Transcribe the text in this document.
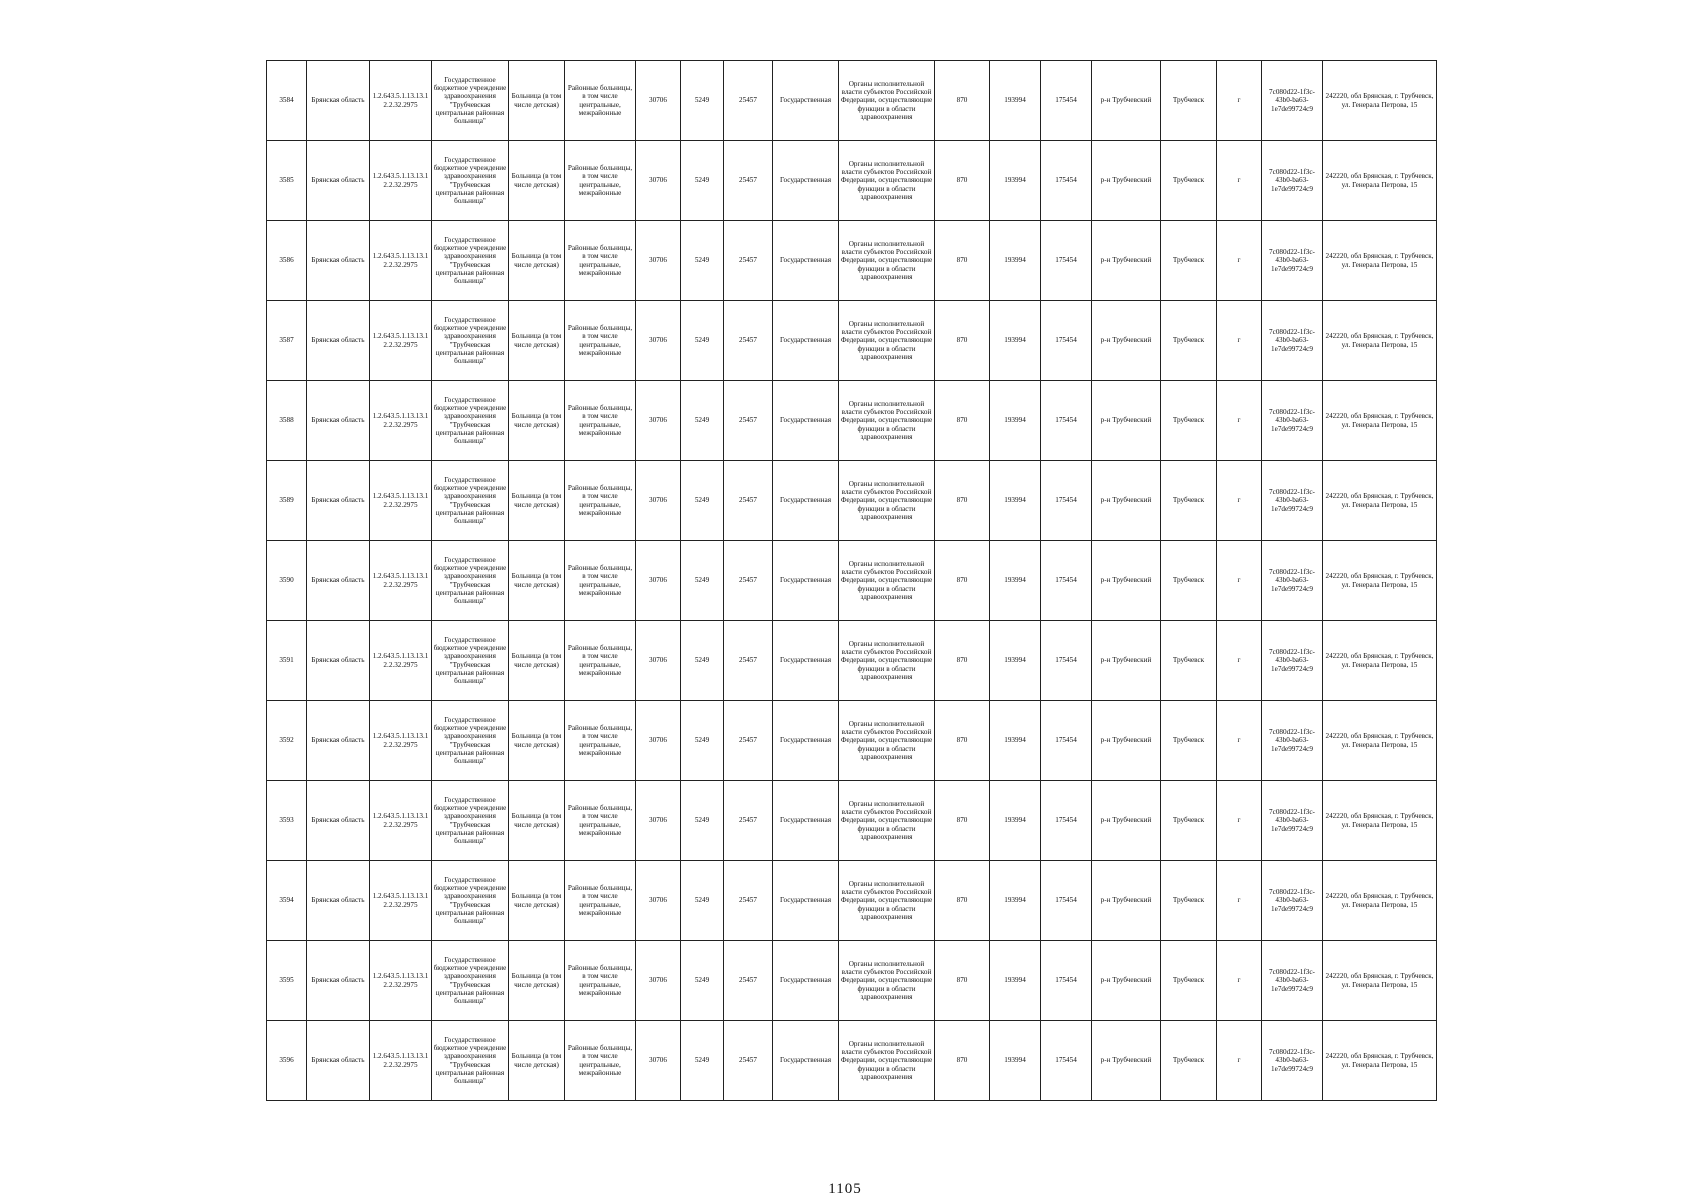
3584	Брянская область	1.2.643.5.1.13.13.12.2.32.2975	Государственное бюджетное учреждение здравоохранения "Трубчевская центральная районная больница"	Больница (в том числе детская)	Районные больницы, в том числе центральные, межрайонные	30706	5249	25457	Государственная	Органы исполнительной власти субъектов Российской Федерации, осуществляющие функции в области здравоохранения	870	193994	175454	р-н Трубчевский	Трубчевск	г	7c080d22-1f3c-43b0-ba63-1e7de99724c9	242220, обл Брянская, г. Трубчевск, ул. Генерала Петрова, 15
3585	Брянская область	1.2.643.5.1.13.13.12.2.32.2975	Государственное бюджетное учреждение здравоохранения "Трубчевская центральная районная больница"	Больница (в том числе детская)	Районные больницы, в том числе центральные, межрайонные	30706	5249	25457	Государственная	Органы исполнительной власти субъектов Российской Федерации, осуществляющие функции в области здравоохранения	870	193994	175454	р-н Трубчевский	Трубчевск	г	7c080d22-1f3c-43b0-ba63-1e7de99724c9	242220, обл Брянская, г. Трубчевск, ул. Генерала Петрова, 15
3586	Брянская область	1.2.643.5.1.13.13.12.2.32.2975	Государственное бюджетное учреждение здравоохранения "Трубчевская центральная районная больница"	Больница (в том числе детская)	Районные больницы, в том числе центральные, межрайонные	30706	5249	25457	Государственная	Органы исполнительной власти субъектов Российской Федерации, осуществляющие функции в области здравоохранения	870	193994	175454	р-н Трубчевский	Трубчевск	г	7c080d22-1f3c-43b0-ba63-1e7de99724c9	242220, обл Брянская, г. Трубчевск, ул. Генерала Петрова, 15
3587	Брянская область	1.2.643.5.1.13.13.12.2.32.2975	Государственное бюджетное учреждение здравоохранения "Трубчевская центральная районная больница"	Больница (в том числе детская)	Районные больницы, в том числе центральные, межрайонные	30706	5249	25457	Государственная	Органы исполнительной власти субъектов Российской Федерации, осуществляющие функции в области здравоохранения	870	193994	175454	р-н Трубчевский	Трубчевск	г	7c080d22-1f3c-43b0-ba63-1e7de99724c9	242220, обл Брянская, г. Трубчевск, ул. Генерала Петрова, 15
3588	Брянская область	1.2.643.5.1.13.13.12.2.32.2975	Государственное бюджетное учреждение здравоохранения "Трубчевская центральная районная больница"	Больница (в том числе детская)	Районные больницы, в том числе центральные, межрайонные	30706	5249	25457	Государственная	Органы исполнительной власти субъектов Российской Федерации, осуществляющие функции в области здравоохранения	870	193994	175454	р-н Трубчевский	Трубчевск	г	7c080d22-1f3c-43b0-ba63-1e7de99724c9	242220, обл Брянская, г. Трубчевск, ул. Генерала Петрова, 15
3589	Брянская область	1.2.643.5.1.13.13.12.2.32.2975	Государственное бюджетное учреждение здравоохранения "Трубчевская центральная районная больница"	Больница (в том числе детская)	Районные больницы, в том числе центральные, межрайонные	30706	5249	25457	Государственная	Органы исполнительной власти субъектов Российской Федерации, осуществляющие функции в области здравоохранения	870	193994	175454	р-н Трубчевский	Трубчевск	г	7c080d22-1f3c-43b0-ba63-1e7de99724c9	242220, обл Брянская, г. Трубчевск, ул. Генерала Петрова, 15
3590	Брянская область	1.2.643.5.1.13.13.12.2.32.2975	Государственное бюджетное учреждение здравоохранения "Трубчевская центральная районная больница"	Больница (в том числе детская)	Районные больницы, в том числе центральные, межрайонные	30706	5249	25457	Государственная	Органы исполнительной власти субъектов Российской Федерации, осуществляющие функции в области здравоохранения	870	193994	175454	р-н Трубчевский	Трубчевск	г	7c080d22-1f3c-43b0-ba63-1e7de99724c9	242220, обл Брянская, г. Трубчевск, ул. Генерала Петрова, 15
3591	Брянская область	1.2.643.5.1.13.13.12.2.32.2975	Государственное бюджетное учреждение здравоохранения "Трубчевская центральная районная больница"	Больница (в том числе детская)	Районные больницы, в том числе центральные, межрайонные	30706	5249	25457	Государственная	Органы исполнительной власти субъектов Российской Федерации, осуществляющие функции в области здравоохранения	870	193994	175454	р-н Трубчевский	Трубчевск	г	7c080d22-1f3c-43b0-ba63-1e7de99724c9	242220, обл Брянская, г. Трубчевск, ул. Генерала Петрова, 15
3592	Брянская область	1.2.643.5.1.13.13.12.2.32.2975	Государственное бюджетное учреждение здравоохранения "Трубчевская центральная районная больница"	Больница (в том числе детская)	Районные больницы, в том числе центральные, межрайонные	30706	5249	25457	Государственная	Органы исполнительной власти субъектов Российской Федерации, осуществляющие функции в области здравоохранения	870	193994	175454	р-н Трубчевский	Трубчевск	г	7c080d22-1f3c-43b0-ba63-1e7de99724c9	242220, обл Брянская, г. Трубчевск, ул. Генерала Петрова, 15
3593	Брянская область	1.2.643.5.1.13.13.12.2.32.2975	Государственное бюджетное учреждение здравоохранения "Трубчевская центральная районная больница"	Больница (в том числе детская)	Районные больницы, в том числе центральные, межрайонные	30706	5249	25457	Государственная	Органы исполнительной власти субъектов Российской Федерации, осуществляющие функции в области здравоохранения	870	193994	175454	р-н Трубчевский	Трубчевск	г	7c080d22-1f3c-43b0-ba63-1e7de99724c9	242220, обл Брянская, г. Трубчевск, ул. Генерала Петрова, 15
3594	Брянская область	1.2.643.5.1.13.13.12.2.32.2975	Государственное бюджетное учреждение здравоохранения "Трубчевская центральная районная больница"	Больница (в том числе детская)	Районные больницы, в том числе центральные, межрайонные	30706	5249	25457	Государственная	Органы исполнительной власти субъектов Российской Федерации, осуществляющие функции в области здравоохранения	870	193994	175454	р-н Трубчевский	Трубчевск	г	7c080d22-1f3c-43b0-ba63-1e7de99724c9	242220, обл Брянская, г. Трубчевск, ул. Генерала Петрова, 15
3595	Брянская область	1.2.643.5.1.13.13.12.2.32.2975	Государственное бюджетное учреждение здравоохранения "Трубчевская центральная районная больница"	Больница (в том числе детская)	Районные больницы, в том числе центральные, межрайонные	30706	5249	25457	Государственная	Органы исполнительной власти субъектов Российской Федерации, осуществляющие функции в области здравоохранения	870	193994	175454	р-н Трубчевский	Трубчевск	г	7c080d22-1f3c-43b0-ba63-1e7de99724c9	242220, обл Брянская, г. Трубчевск, ул. Генерала Петрова, 15
3596	Брянская область	1.2.643.5.1.13.13.12.2.32.2975	Государственное бюджетное учреждение здравоохранения "Трубчевская центральная районная больница"	Больница (в том числе детская)	Районные больницы, в том числе центральные, межрайонные	30706	5249	25457	Государственная	Органы исполнительной власти субъектов Российской Федерации, осуществляющие функции в области здравоохранения	870	193994	175454	р-н Трубчевский	Трубчевск	г	7c080d22-1f3c-43b0-ba63-1e7de99724c9	242220, обл Брянская, г. Трубчевск, ул. Генерала Петрова, 15
1105
